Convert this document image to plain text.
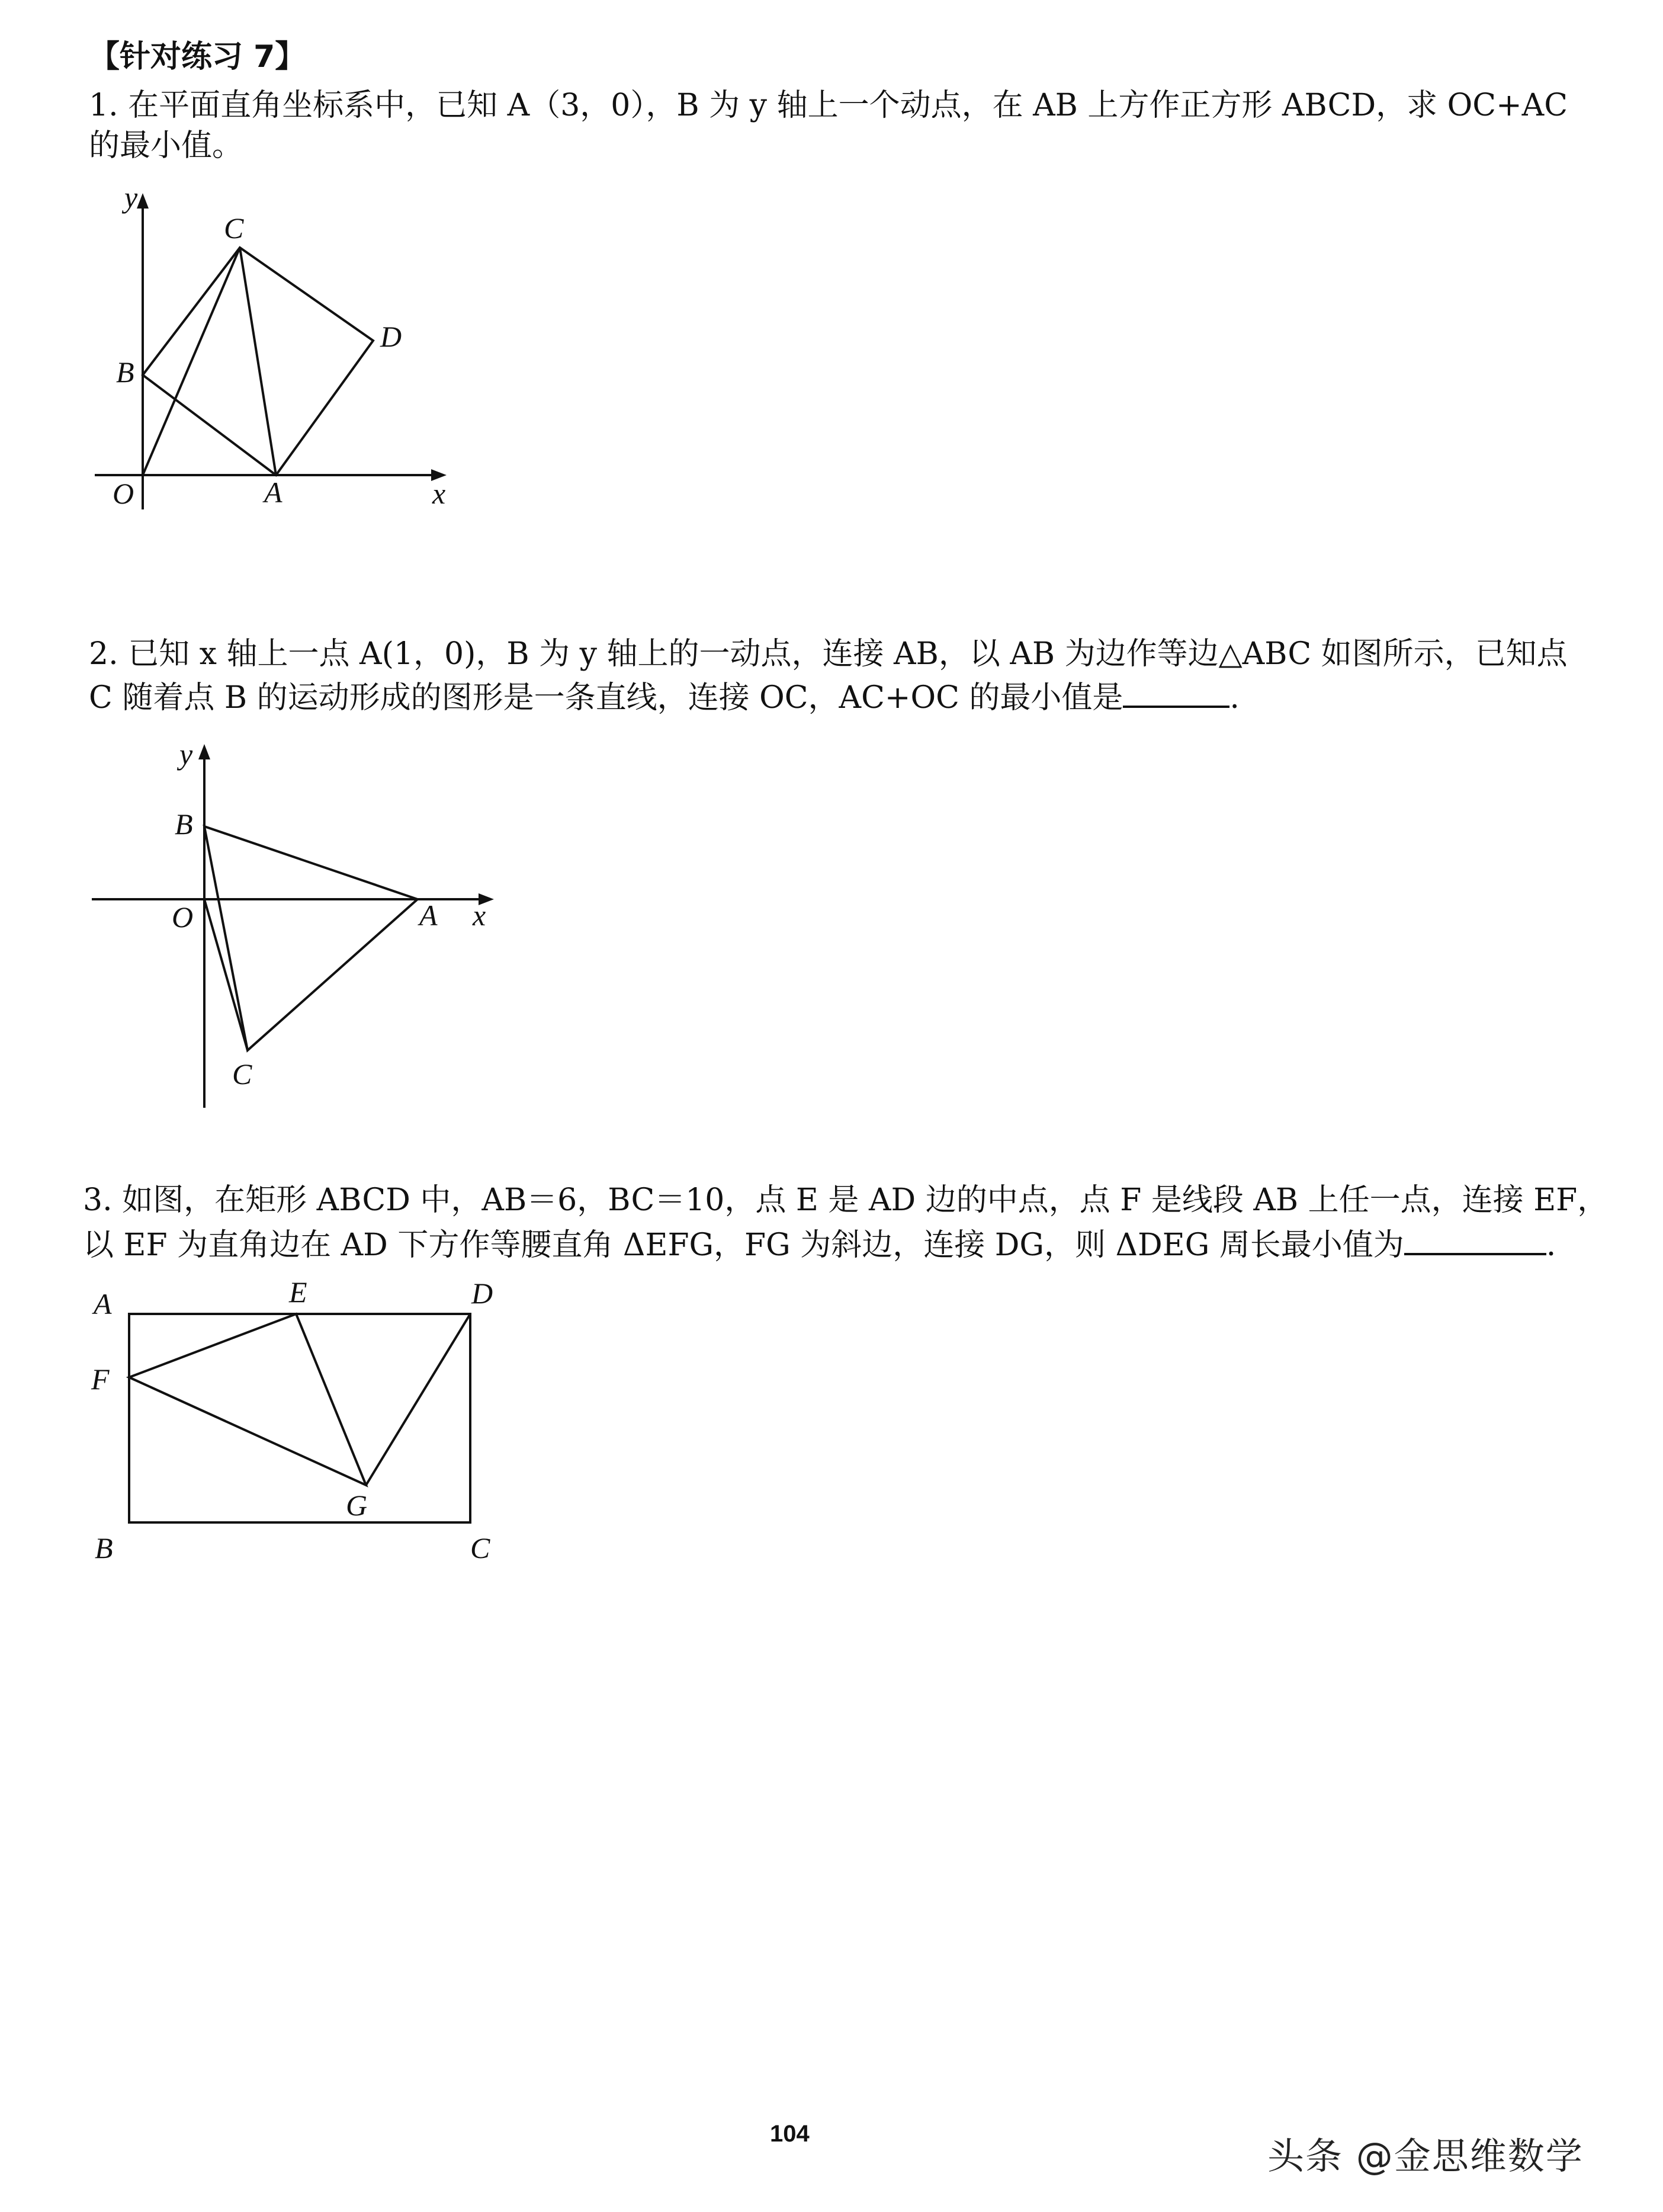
【针对练习 7】
1. 在平面直角坐标系中，已知 A（3，0），B 为 y 轴上一个动点，在 AB 上方作正方形 ABCD，求 OC+AC
的最小值。
y
x
O	A
B
C
D
2. 已知 x 轴上一点 A(1，0)，B 为 y 轴上的一动点，连接 AB，以 AB 为边作等边△ABC 如图所示，已知点
C 随着点 B 的运动形成的图形是一条直线，连接 OC，AC+OC 的最小值是	.
y
x
O	A
B
C
3. 如图，在矩形 ABCD 中，AB＝6，BC＝10，点 E 是 AD 边的中点，点 F 是线段 AB 上任一点，连接 EF，
以 EF 为直角边在 AD 下方作等腰直角 ΔEFG，FG 为斜边，连接 DG，则 ΔDEG 周长最小值为	.
A
B	C
D
E
F
G
104
头条 @金思维数学
